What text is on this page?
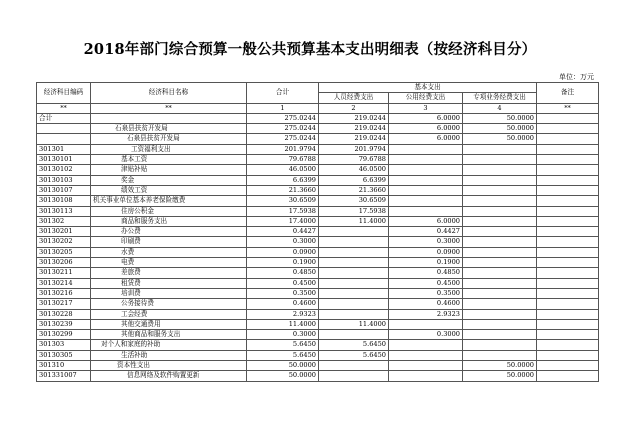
2018年部门综合预算一般公共预算基本支出明细表（按经济科目分）
单位：万元
经济科目编码	经济科目名称	合计	基本支出			备注
			人员经费支出	公用经费支出	专项业务经费支出	
**	**	1	2	3	4	**
合计		275.0244	219.0244	6.0000	50.0000	
	石泉县扶贫开发局	275.0244	219.0244	6.0000	50.0000	
	石泉县扶贫开发局	275.0244	219.0244	6.0000	50.0000	
301301	工资福利支出	201.9794	201.9794			
30130101	基本工资	79.6788	79.6788			
30130102	津贴补贴	46.0500	46.0500			
30130103	奖金	6.6399	6.6399			
30130107	绩效工资	21.3660	21.3660			
30130108	机关事业单位基本养老保险缴费	30.6509	30.6509			
30130113	住房公积金	17.5938	17.5938			
301302	商品和服务支出	17.4000	11.4000	6.0000		
30130201	办公费	0.4427		0.4427		
30130202	印刷费	0.3000		0.3000		
30130205	水费	0.0900		0.0900		
30130206	电费	0.1900		0.1900		
30130211	差旅费	0.4850		0.4850		
30130214	租赁费	0.4500		0.4500		
30130216	培训费	0.3500		0.3500		
30130217	公务接待费	0.4600		0.4600		
30130228	工会经费	2.9323		2.9323		
30130239	其他交通费用	11.4000	11.4000			
30130299	其他商品和服务支出	0.3000		0.3000		
301303	对个人和家庭的补助	5.6450	5.6450			
30130305	生活补助	5.6450	5.6450			
301310	资本性支出	50.0000			50.0000	
301331007	信息网络及软件购置更新	50.0000			50.0000	
